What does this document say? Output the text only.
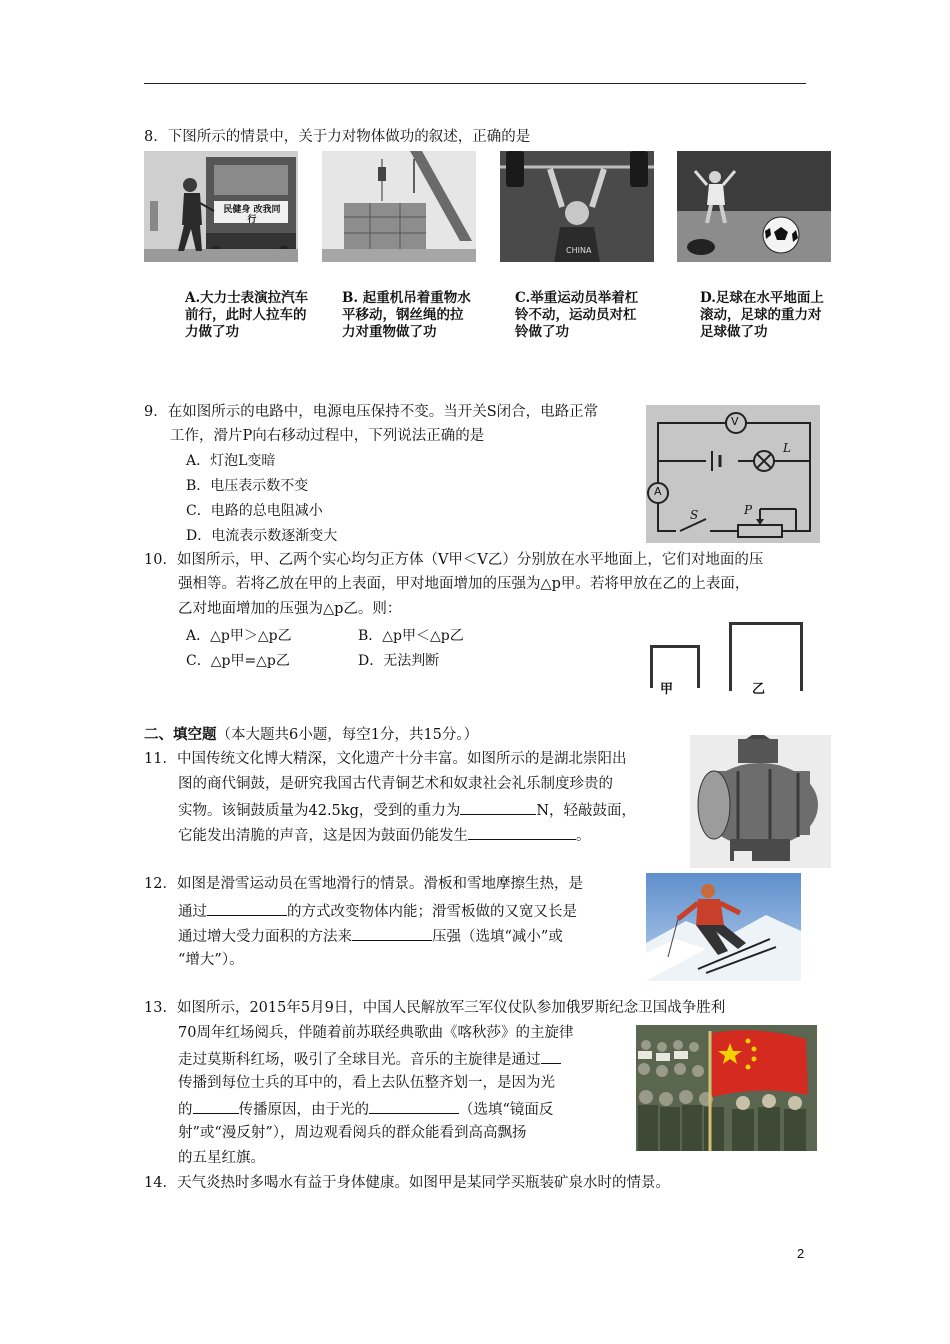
8．下图所示的情景中，关于力对物体做功的叙述，正确的是
民健身 改我同行
CHINA
A.大力士表演拉汽车前行，此时人拉车的力做了功
B. 起重机吊着重物水平移动，钢丝绳的拉力对重物做了功
C.举重运动员举着杠铃不动，运动员对杠铃做了功
D.足球在水平地面上滚动，足球的重力对足球做了功
9．在如图所示的电路中，电源电压保持不变。当开关S闭合，电路正常
工作，滑片P向右移动过程中，下列说法正确的是
A．灯泡L变暗
B．电压表示数不变
C．电路的总电阻减小
D．电流表示数逐渐变大
V
A
L
S	P
10．如图所示，甲、乙两个实心均匀正方体（V甲＜V乙）分别放在水平地面上，它们对地面的压
强相等。若将乙放在甲的上表面，甲对地面增加的压强为△p甲。若将甲放在乙的上表面，
乙对地面增加的压强为△p乙。则：
A．△p甲＞△p乙	B．△p甲＜△p乙
C．△p甲=△p乙	D．无法判断
甲	乙
二、填空题（本大题共6小题，每空1分，共15分。）
11．中国传统文化博大精深，文化遗产十分丰富。如图所示的是湖北崇阳出
图的商代铜鼓，是研究我国古代青铜艺术和奴隶社会礼乐制度珍贵的
实物。该铜鼓质量为42.5kg，受到的重力为	N，轻敲鼓面，
它能发出清脆的声音，这是因为鼓面仍能发生	。
12．如图是滑雪运动员在雪地滑行的情景。滑板和雪地摩擦生热，是
通过	的方式改变物体内能；滑雪板做的又宽又长是
通过增大受力面积的方法来	压强（选填“减小”或
“增大”）。
13．如图所示，2015年5月9日，中国人民解放军三军仪仗队参加俄罗斯纪念卫国战争胜利
70周年红场阅兵，伴随着前苏联经典歌曲《喀秋莎》的主旋律
走过莫斯科红场，吸引了全球目光。音乐的主旋律是通过
传播到每位士兵的耳中的，看上去队伍整齐划一，是因为光
的	传播原因，由于光的	（选填“镜面反
射”或“漫反射”），周边观看阅兵的群众能看到高高飘扬
的五星红旗。
14．天气炎热时多喝水有益于身体健康。如图甲是某同学买瓶装矿泉水时的情景。
2
